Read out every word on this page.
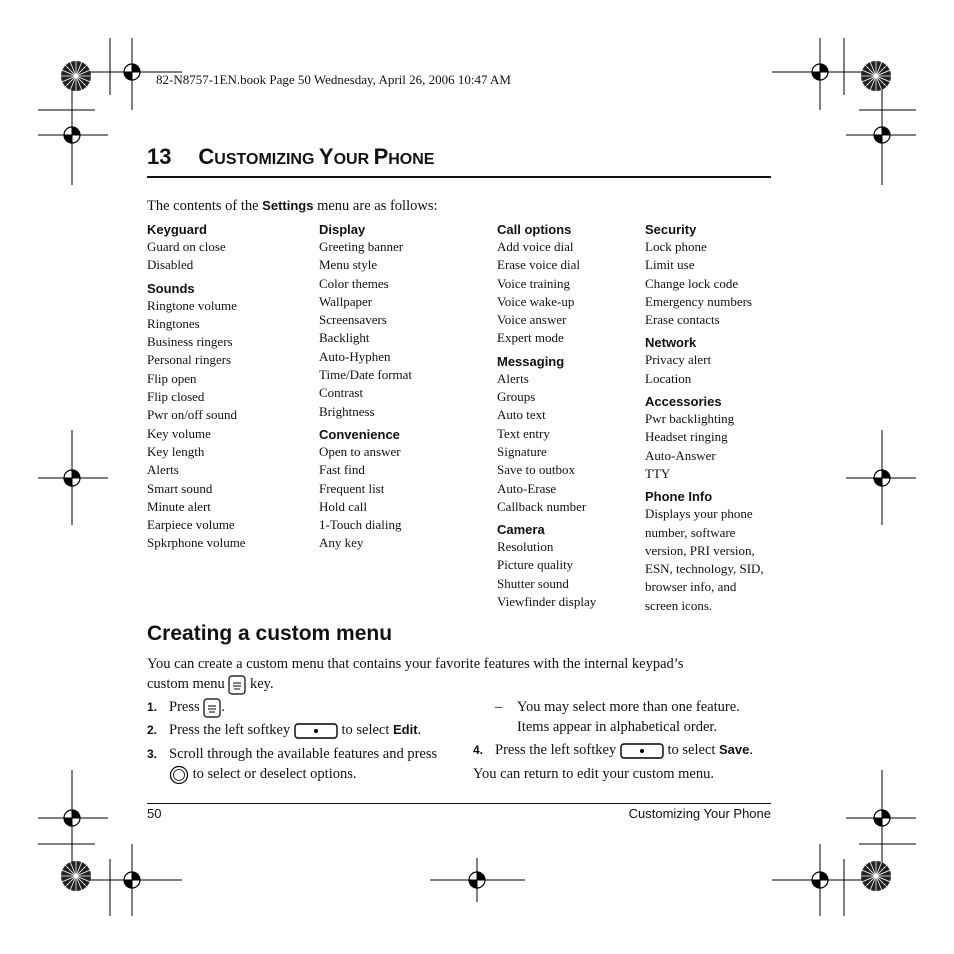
82-N8757-1EN.book Page 50 Wednesday, April 26, 2006 10:47 AM
13 CUSTOMIZING YOUR PHONE
The contents of the Settings menu are as follows:
Keyguard
Guard on close
Disabled
Sounds
Ringtone volume
Ringtones
Business ringers
Personal ringers
Flip open
Flip closed
Pwr on/off sound
Key volume
Key length
Alerts
Smart sound
Minute alert
Earpiece volume
Spkrphone volume
Display
Greeting banner
Menu style
Color themes
Wallpaper
Screensavers
Backlight
Auto-Hyphen
Time/Date format
Contrast
Brightness
Convenience
Open to answer
Fast find
Frequent list
Hold call
1-Touch dialing
Any key
Call options
Add voice dial
Erase voice dial
Voice training
Voice wake-up
Voice answer
Expert mode
Messaging
Alerts
Groups
Auto text
Text entry
Signature
Save to outbox
Auto-Erase
Callback number
Camera
Resolution
Picture quality
Shutter sound
Viewfinder display
Security
Lock phone
Limit use
Change lock code
Emergency numbers
Erase contacts
Network
Privacy alert
Location
Accessories
Pwr backlighting
Headset ringing
Auto-Answer
TTY
Phone Info
Displays your phone
number, software
version, PRI version,
ESN, technology, SID,
browser info, and
screen icons.
Creating a custom menu
You can create a custom menu that contains your favorite features with the internal keypad’s
custom menu key.
1. Press .
2. Press the left softkey	to select Edit.
3. Scroll through the available features and press
to select or deselect options.
– You may select more than one feature.
Items appear in alphabetical order.
4. Press the left softkey	to select Save.
You can return to edit your custom menu.
50	Customizing Your Phone
